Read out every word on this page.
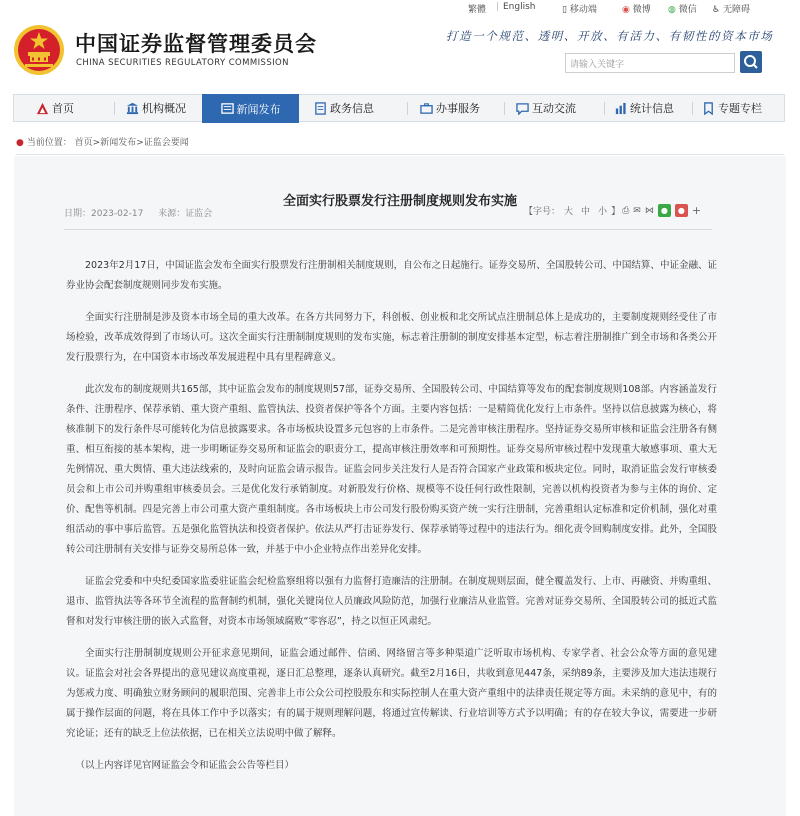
繁體 | English	▯ 移动端	◉ 微博 ◍ 微信 ♿ 无障碍
中国证券监督管理委员会
CHINA SECURITIES REGULATORY COMMISSION
打造一个规范、透明、开放、有活力、有韧性的资本市场
请输入关键字
首页	机构概况	新闻发布	政务信息	办事服务	互动交流	统计信息	专题专栏
● 当前位置： 首页>新闻发布>证监会要闻
全面实行股票发行注册制度规则发布实施
日期：2023-02-17 来源：证监会	【字号： 大 中 小 】 ⎙ ✉ ⋈ ●	● +

2023年2月17日，中国证监会发布全面实行股票发行注册制相关制度规则，自公布之日起施行。证券交易所、全国股转公司、中国结算、中证金融、证券业协会配套制度规则同步发布实施。

全面实行注册制是涉及资本市场全局的重大改革。在各方共同努力下，科创板、创业板和北交所试点注册制总体上是成功的，主要制度规则经受住了市场检验，改革成效得到了市场认可。这次全面实行注册制制度规则的发布实施，标志着注册制的制度安排基本定型，标志着注册制推广到全市场和各类公开发行股票行为，在中国资本市场改革发展进程中具有里程碑意义。

此次发布的制度规则共165部，其中证监会发布的制度规则57部，证券交易所、全国股转公司、中国结算等发布的配套制度规则108部。内容涵盖发行条件、注册程序、保荐承销、重大资产重组、监管执法、投资者保护等各个方面。主要内容包括：一是精简优化发行上市条件。坚持以信息披露为核心，将核准制下的发行条件尽可能转化为信息披露要求。各市场板块设置多元包容的上市条件。二是完善审核注册程序。坚持证券交易所审核和证监会注册各有侧重、相互衔接的基本架构，进一步明晰证券交易所和证监会的职责分工，提高审核注册效率和可预期性。证券交易所审核过程中发现重大敏感事项、重大无先例情况、重大舆情、重大违法线索的，及时向证监会请示报告。证监会同步关注发行人是否符合国家产业政策和板块定位。同时，取消证监会发行审核委员会和上市公司并购重组审核委员会。三是优化发行承销制度。对新股发行价格、规模等不设任何行政性限制，完善以机构投资者为参与主体的询价、定价、配售等机制。四是完善上市公司重大资产重组制度。各市场板块上市公司发行股份购买资产统一实行注册制，完善重组认定标准和定价机制，强化对重组活动的事中事后监管。五是强化监管执法和投资者保护。依法从严打击证券发行、保荐承销等过程中的违法行为。细化责令回购制度安排。此外，全国股转公司注册制有关安排与证券交易所总体一致，并基于中小企业特点作出差异化安排。

证监会党委和中央纪委国家监委驻证监会纪检监察组将以强有力监督打造廉洁的注册制。在制度规则层面，健全覆盖发行、上市、再融资、并购重组、退市、监管执法等各环节全流程的监督制约机制，强化关键岗位人员廉政风险防范，加强行业廉洁从业监管。完善对证券交易所、全国股转公司的抵近式监督和对发行审核注册的嵌入式监督，对资本市场领域腐败“零容忍”，持之以恒正风肃纪。

全面实行注册制制度规则公开征求意见期间，证监会通过邮件、信函、网络留言等多种渠道广泛听取市场机构、专家学者、社会公众等方面的意见建议。证监会对社会各界提出的意见建议高度重视，逐日汇总整理，逐条认真研究。截至2月16日，共收到意见447条，采纳89条，主要涉及加大违法违规行为惩戒力度、明确独立财务顾问的履职范围、完善非上市公众公司控股股东和实际控制人在重大资产重组中的法律责任规定等方面。未采纳的意见中，有的属于操作层面的问题，将在具体工作中予以落实；有的属于规则理解问题，将通过宣传解读、行业培训等方式予以明确；有的存在较大争议，需要进一步研究论证；还有的缺乏上位法依据，已在相关立法说明中做了解释。

（以上内容详见官网证监会令和证监会公告等栏目）
